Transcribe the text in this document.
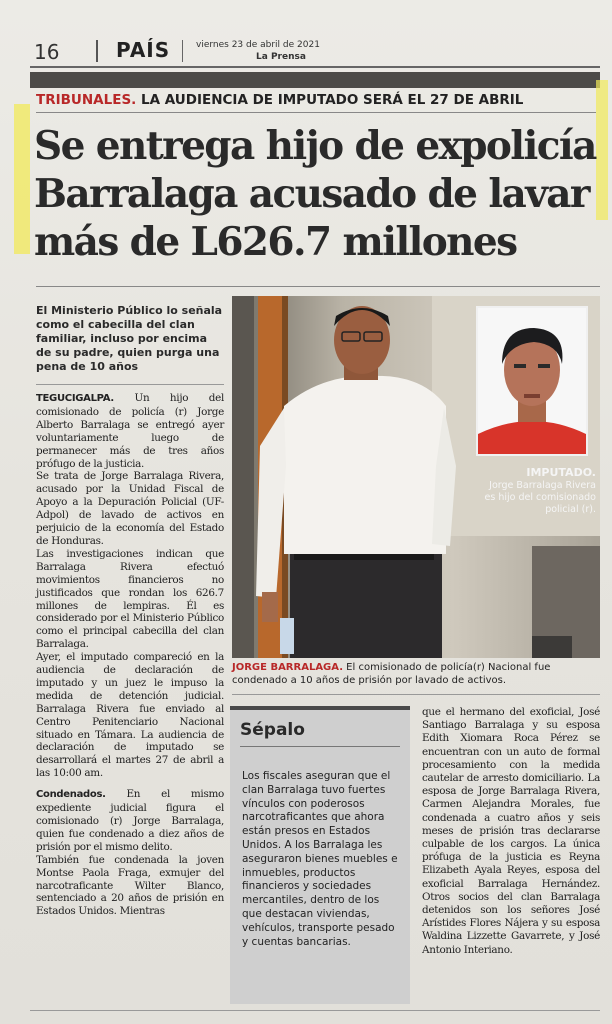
16	PAÍS	viernes 23 de abril de 2021
La Prensa
TRIBUNALES. LA AUDIENCIA DE IMPUTADO SERÁ EL 27 DE ABRIL
Se entrega hijo de expolicía Barralaga acusado de lavar más de L626.7 millones
El Ministerio Público lo señala como el cabecilla del clan familiar, incluso por encima de su padre, quien purga una pena de 10 años

TEGUCIGALPA. Un hijo del comisionado de policía (r) Jorge Alberto Barralaga se entregó ayer voluntariamente luego de permanecer más de tres años prófugo de la justicia.

Se trata de Jorge Barralaga Rivera, acusado por la Unidad Fiscal de Apoyo a la Depuración Policial (UF-Adpol) de lavado de activos en perjuicio de la economía del Estado de Honduras.

Las investigaciones indican que Barralaga Rivera efectuó movimientos financieros no justificados que rondan los 626.7 millones de lempiras. Él es considerado por el Ministerio Público como el principal cabecilla del clan Barralaga.

Ayer, el imputado compareció en la audiencia de declaración de imputado y un juez le impuso la medida de detención judicial. Barralaga Rivera fue enviado al Centro Penitenciario Nacional situado en Támara. La audiencia de declaración de imputado se desarrollará el martes 27 de abril a las 10:00 am.

Condenados. En el mismo expediente judicial figura el comisionado (r) Jorge Barralaga, quien fue condenado a diez años de prisión por el mismo delito.

También fue condenada la joven Montse Paola Fraga, exmujer del narcotraficante Wilter Blanco, sentenciado a 20 años de prisión en Estados Unidos. Mientras

IMPUTADO.
Jorge Barralaga Rivera es hijo del comisionado policial (r).
JORGE BARRALAGA. El comisionado de policía(r) Nacional fue condenado a 10 años de prisión por lavado de activos.
Sépalo
Los fiscales aseguran que el clan Barralaga tuvo fuertes vínculos con poderosos narcotraficantes que ahora están presos en Estados Unidos. A los Barralaga les aseguraron bienes muebles e inmuebles, productos financieros y sociedades mercantiles, dentro de los que destacan viviendas, vehículos, transporte pesado y cuentas bancarias.

que el hermano del exoficial, José Santiago Barralaga y su esposa Edith Xiomara Roca Pérez se encuentran con un auto de formal procesamiento con la medida cautelar de arresto domiciliario. La esposa de Jorge Barralaga Rivera, Carmen Alejandra Morales, fue condenada a cuatro años y seis meses de prisión tras declararse culpable de los cargos. La única prófuga de la justicia es Reyna Elizabeth Ayala Reyes, esposa del exoficial Barralaga Hernández. Otros socios del clan Barralaga detenidos son los señores José Arístides Flores Nájera y su esposa Waldina Lizzette Gavarrete, y José Antonio Interiano.
